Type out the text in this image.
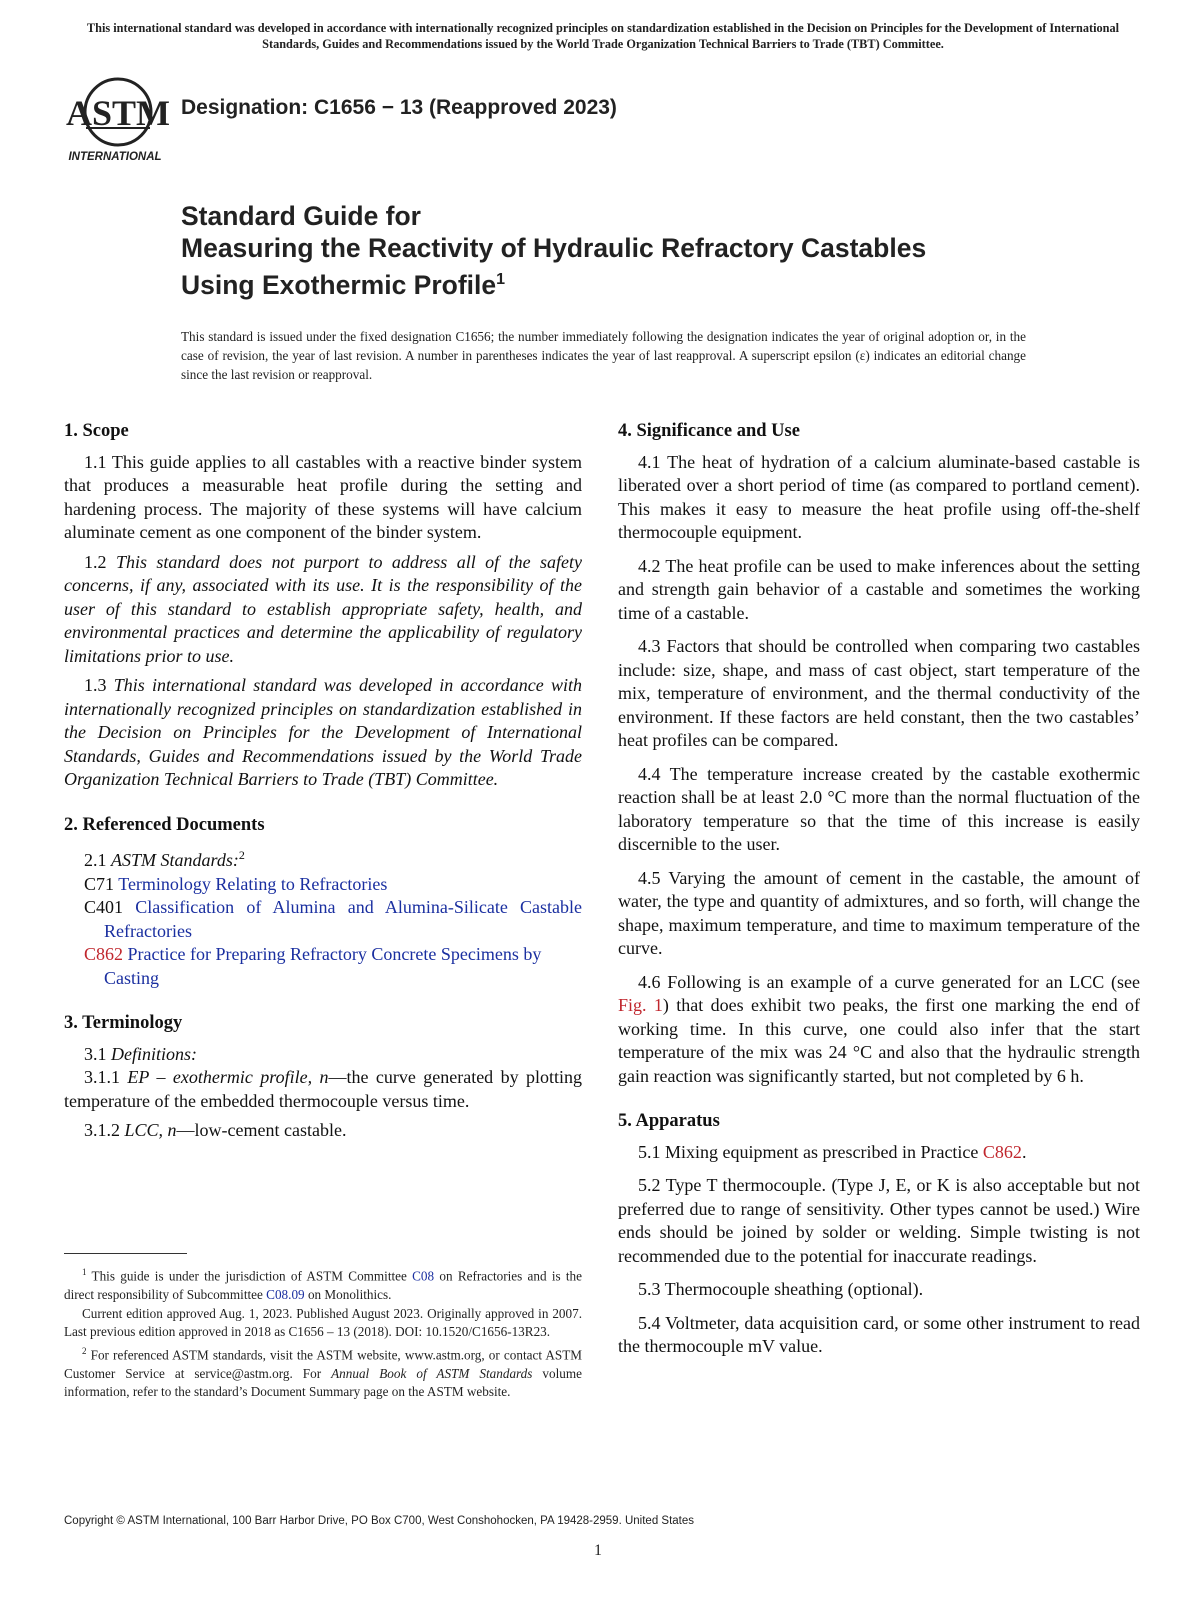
This international standard was developed in accordance with internationally recognized principles on standardization established in the Decision on Principles for the Development of International Standards, Guides and Recommendations issued by the World Trade Organization Technical Barriers to Trade (TBT) Committee.
ASTM
INTERNATIONAL
Designation: C1656 − 13 (Reapproved 2023)
Standard Guide for
Measuring the Reactivity of Hydraulic Refractory Castables
Using Exothermic Profile$^1$
This standard is issued under the fixed designation C1656; the number immediately following the designation indicates the year of original adoption or, in the case of revision, the year of last revision. A number in parentheses indicates the year of last reapproval. A superscript epsilon (ε) indicates an editorial change since the last revision or reapproval.
1. Scope

1.1 This guide applies to all castables with a reactive binder system that produces a measurable heat profile during the setting and hardening process. The majority of these systems will have calcium aluminate cement as one component of the binder system.

1.2 This standard does not purport to address all of the safety concerns, if any, associated with its use. It is the responsibility of the user of this standard to establish appropriate safety, health, and environmental practices and determine the applicability of regulatory limitations prior to use.

1.3 This international standard was developed in accordance with internationally recognized principles on standardization established in the Decision on Principles for the Development of International Standards, Guides and Recommendations issued by the World Trade Organization Technical Barriers to Trade (TBT) Committee.

2. Referenced Documents

2.1 ASTM Standards:$^2$

C71 Terminology Relating to Refractories
C401 Classification of Alumina and Alumina-Silicate Castable Refractories
C862 Practice for Preparing Refractory Concrete Specimens by Casting
3. Terminology

3.1 Definitions:

3.1.1 EP – exothermic profile, n—the curve generated by plotting temperature of the embedded thermocouple versus time.

3.1.2 LCC, n—low-cement castable.

4. Significance and Use

4.1 The heat of hydration of a calcium aluminate-based castable is liberated over a short period of time (as compared to portland cement). This makes it easy to measure the heat profile using off-the-shelf thermocouple equipment.

4.2 The heat profile can be used to make inferences about the setting and strength gain behavior of a castable and sometimes the working time of a castable.

4.3 Factors that should be controlled when comparing two castables include: size, shape, and mass of cast object, start temperature of the mix, temperature of environment, and the thermal conductivity of the environment. If these factors are held constant, then the two castables’ heat profiles can be compared.

4.4 The temperature increase created by the castable exothermic reaction shall be at least 2.0 °C more than the normal fluctuation of the laboratory temperature so that the time of this increase is easily discernible to the user.

4.5 Varying the amount of cement in the castable, the amount of water, the type and quantity of admixtures, and so forth, will change the shape, maximum temperature, and time to maximum temperature of the curve.

4.6 Following is an example of a curve generated for an LCC (see Fig. 1) that does exhibit two peaks, the first one marking the end of working time. In this curve, one could also infer that the start temperature of the mix was 24 °C and also that the hydraulic strength gain reaction was significantly started, but not completed by 6 h.

5. Apparatus

5.1 Mixing equipment as prescribed in Practice C862.

5.2 Type T thermocouple. (Type J, E, or K is also acceptable but not preferred due to range of sensitivity. Other types cannot be used.) Wire ends should be joined by solder or welding. Simple twisting is not recommended due to the potential for inaccurate readings.

5.3 Thermocouple sheathing (optional).

5.4 Voltmeter, data acquisition card, or some other instrument to read the thermocouple mV value.

$^1$ This guide is under the jurisdiction of ASTM Committee C08 on Refractories and is the direct responsibility of Subcommittee C08.09 on Monolithics.

Current edition approved Aug. 1, 2023. Published August 2023. Originally approved in 2007. Last previous edition approved in 2018 as C1656 – 13 (2018). DOI: 10.1520/C1656-13R23.

$^2$ For referenced ASTM standards, visit the ASTM website, www.astm.org, or contact ASTM Customer Service at service@astm.org. For Annual Book of ASTM Standards volume information, refer to the standard’s Document Summary page on the ASTM website.

Copyright © ASTM International, 100 Barr Harbor Drive, PO Box C700, West Conshohocken, PA 19428-2959. United States
1
